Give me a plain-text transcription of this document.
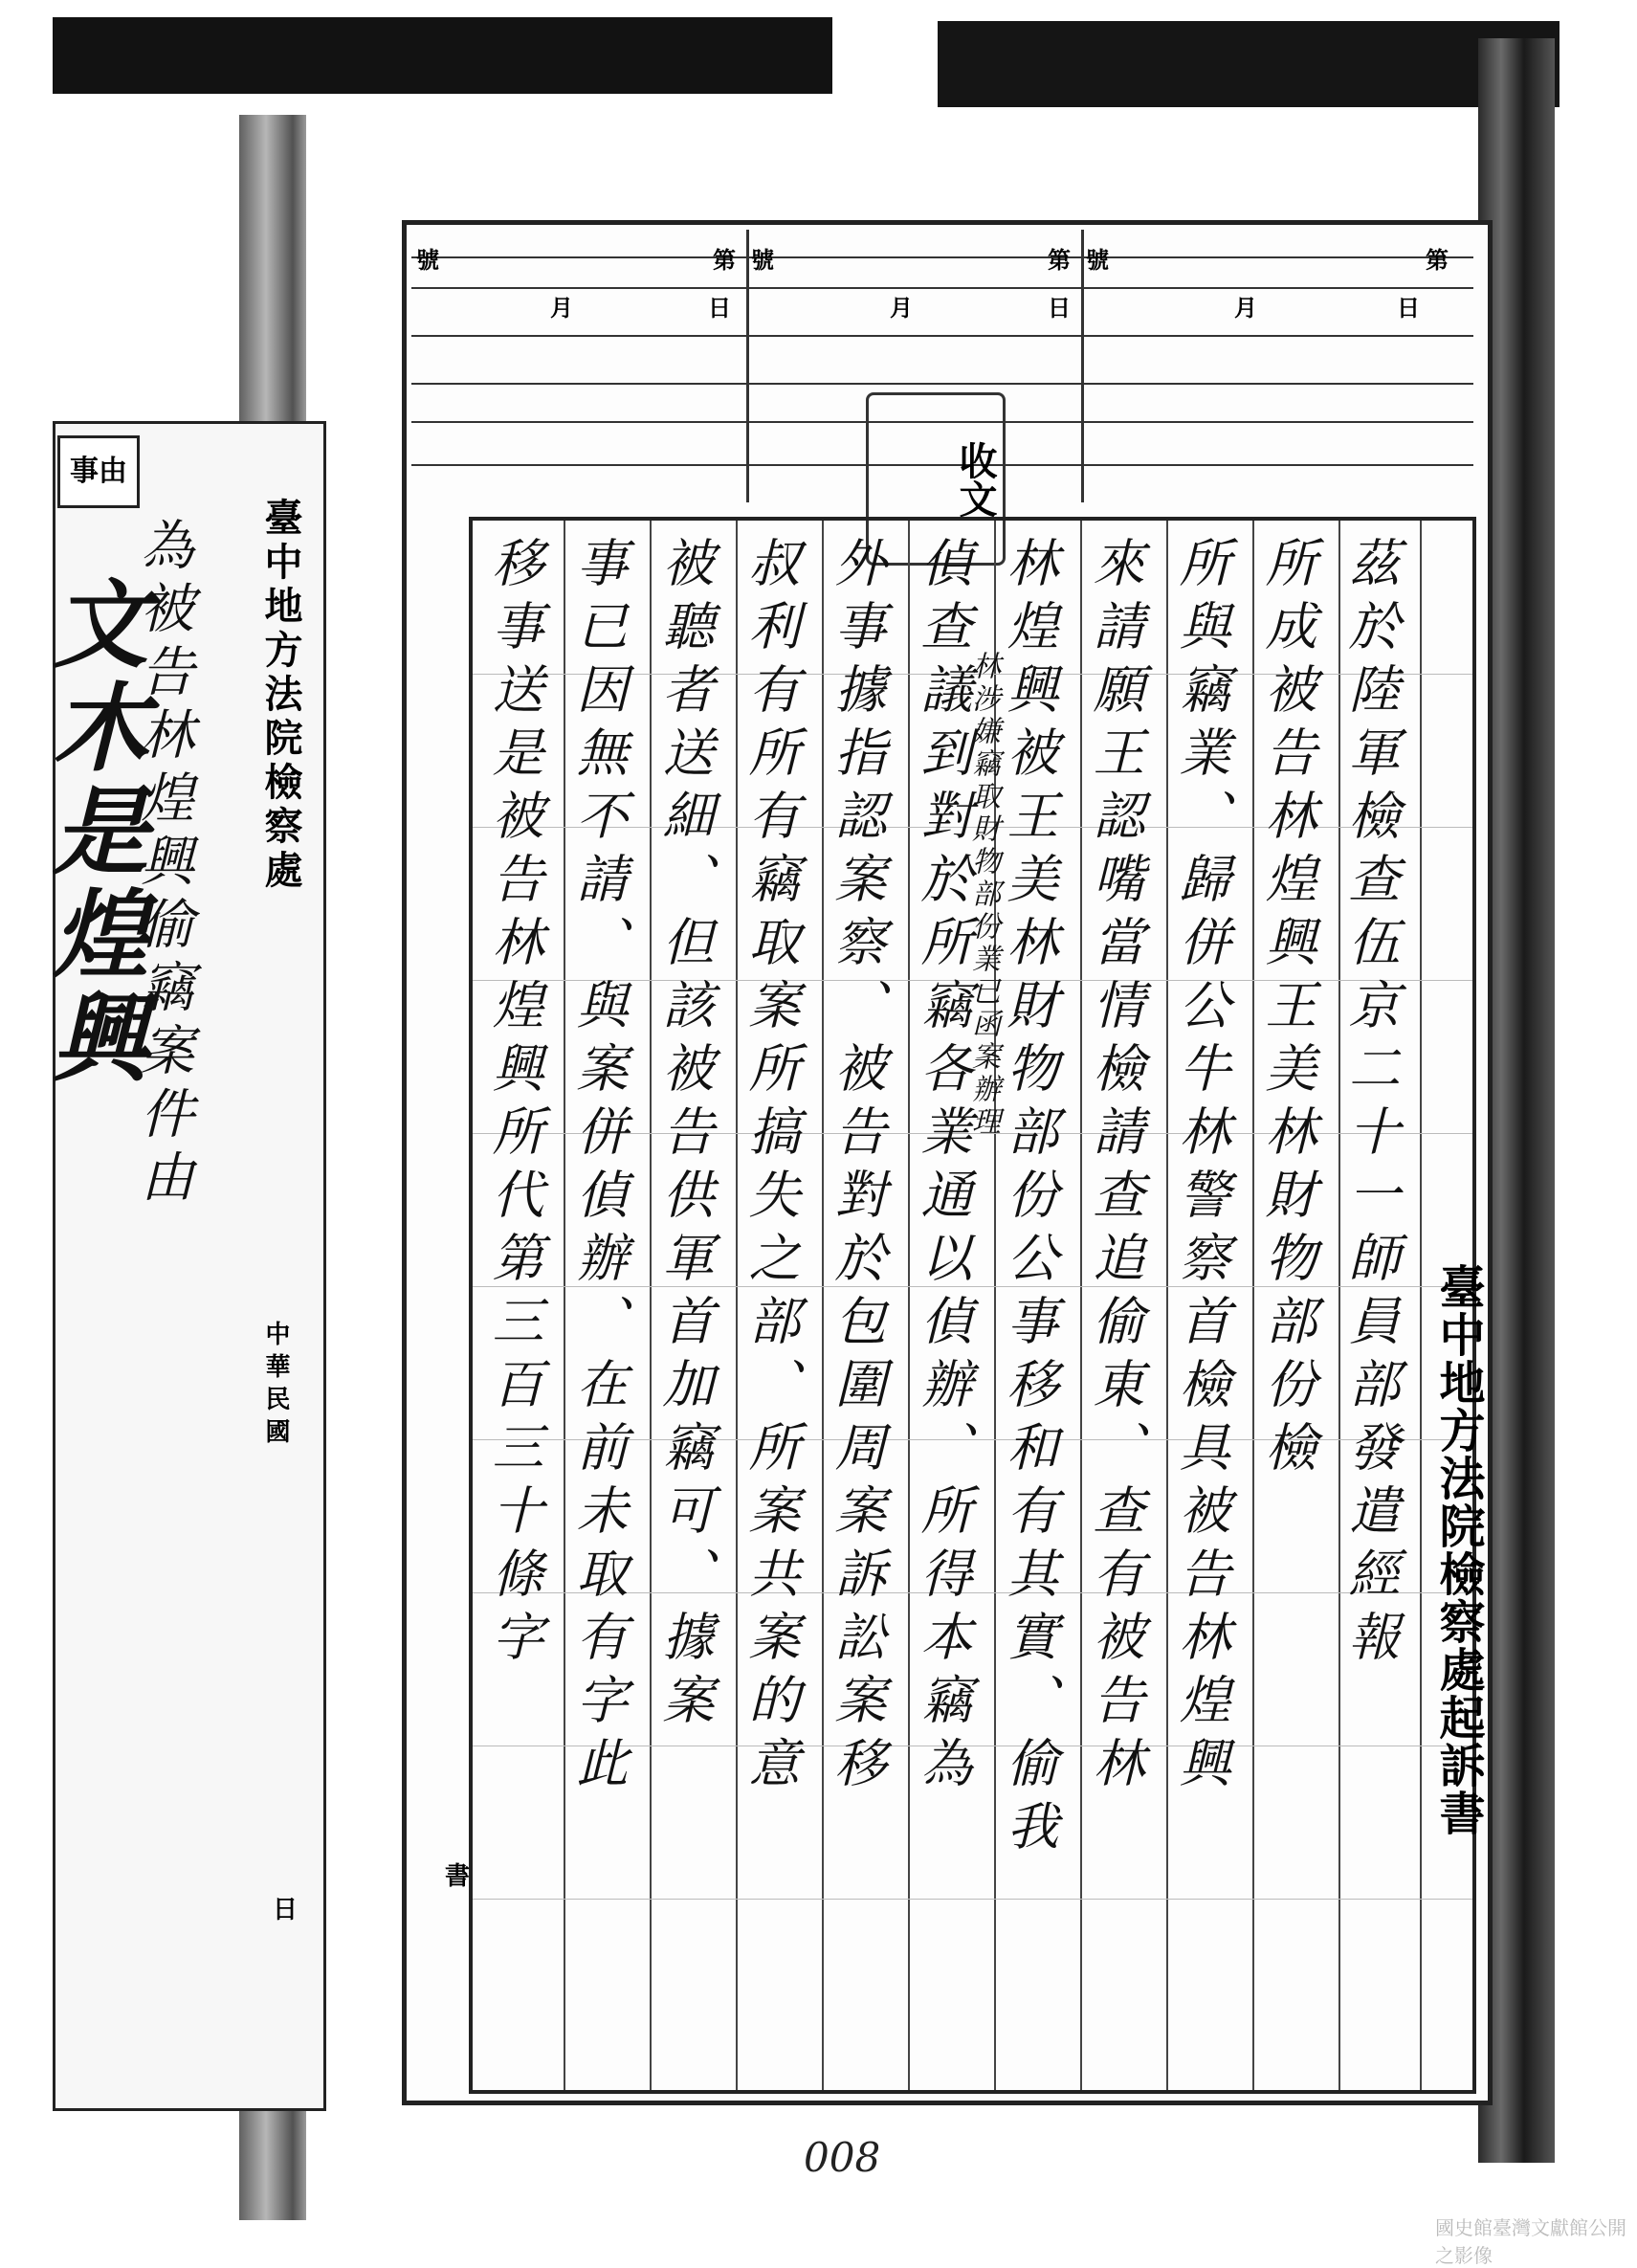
事由
臺中地方法院檢察處
中華民國
為被告林煌興偷竊案件由
文木是煌興
日
號	第 號	第 號	第
月	日	月	日	月	日
收文
臺中地方法院檢察處起訴書
茲於陸軍檢查伍京二十一師員部發遣經報
所成被告林煌興王美林財物部份檢
所與竊業、歸併公牛林警察首檢具被告林煌興
來請願王認嘴當情檢請查追偷東、查有被告林
林煌興被王美林財物部份公事移和有其實、偷我
偵查議到對於所竊各業通以偵辦、所得本竊為
外事據指認案察、被告對於包圍周案訴訟案移
叔利有所有竊取案所搞失之部、所案共案的意
被聽者送細、但該被告供軍首加竊可、據案
事已因無不請、與案併偵辦、在前未取有字此
移事送是被告林煌興所代第三百三十條字	林涉嫌竊取財物部份業已函案辦理
書
008
國史館臺灣文獻館公開之影像
